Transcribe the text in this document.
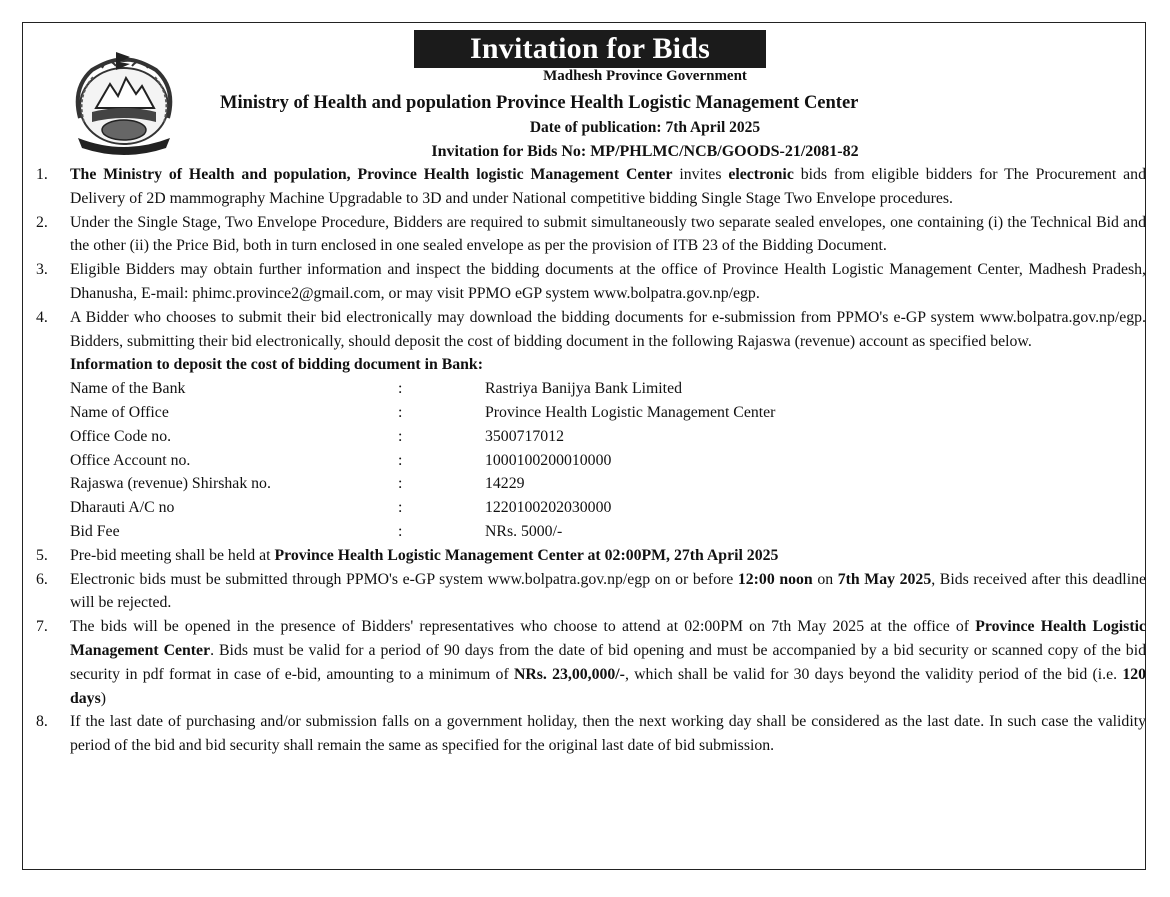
Invitation for Bids
Madhesh Province Government
Ministry of Health and population Province Health Logistic Management Center
Date of publication: 7th April 2025
Invitation for Bids No: MP/PHLMC/NCB/GOODS-21/2081-82
1. The Ministry of Health and population, Province Health logistic Management Center invites electronic bids from eligible bidders for The Procurement and Delivery of 2D mammography Machine Upgradable to 3D and under National competitive bidding Single Stage Two Envelope procedures.
2. Under the Single Stage, Two Envelope Procedure, Bidders are required to submit simultaneously two separate sealed envelopes, one containing (i) the Technical Bid and the other (ii) the Price Bid, both in turn enclosed in one sealed envelope as per the provision of ITB 23 of the Bidding Document.
3. Eligible Bidders may obtain further information and inspect the bidding documents at the office of Province Health Logistic Management Center, Madhesh Pradesh, Dhanusha, E-mail: phimc.province2@gmail.com, or may visit PPMO eGP system www.bolpatra.gov.np/egp.
4. A Bidder who chooses to submit their bid electronically may download the bidding documents for e-submission from PPMO's e-GP system www.bolpatra.gov.np/egp. Bidders, submitting their bid electronically, should deposit the cost of bidding document in the following Rajaswa (revenue) account as specified below.
Information to deposit the cost of bidding document in Bank:
Name of the Bank	:	Rastriya Banijya Bank Limited
Name of Office	:	Province Health Logistic Management Center
Office Code no.	:	3500717012
Office Account no.	:	1000100200010000
Rajaswa (revenue) Shirshak no.	:	14229
Dharauti A/C no	:	1220100202030000
Bid Fee	:	NRs. 5000/-
5. Pre-bid meeting shall be held at Province Health Logistic Management Center at 02:00PM, 27th April 2025
6. Electronic bids must be submitted through PPMO's e-GP system www.bolpatra.gov.np/egp on or before 12:00 noon on 7th May 2025, Bids received after this deadline will be rejected.
7. The bids will be opened in the presence of Bidders' representatives who choose to attend at 02:00PM on 7th May 2025 at the office of Province Health Logistic Management Center. Bids must be valid for a period of 90 days from the date of bid opening and must be accompanied by a bid security or scanned copy of the bid security in pdf format in case of e-bid, amounting to a minimum of NRs. 23,00,000/-, which shall be valid for 30 days beyond the validity period of the bid (i.e. 120 days)
8. If the last date of purchasing and/or submission falls on a government holiday, then the next working day shall be considered as the last date. In such case the validity period of the bid and bid security shall remain the same as specified for the original last date of bid submission.
